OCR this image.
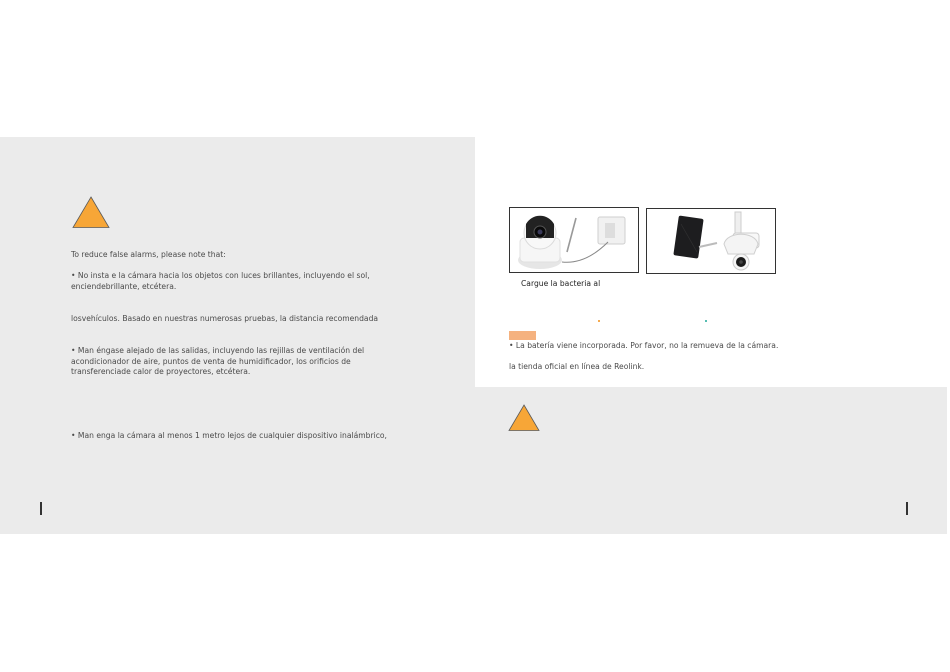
To reduce false alarms, please note that:
• No insta e la cámara hacia los objetos con luces brillantes, incluyendo el sol,
enciendebrillante, etcétera.
losvehículos. Basado en nuestras numerosas pruebas, la distancia recomendada
• Man éngase alejado de las salidas, incluyendo las rejillas de ventilación del
acondicionador de aire, puntos de venta de humidificador, los orificios de
transferenciade calor de proyectores, etcétera.
• Man enga la cámara al menos 1 metro lejos de cualquier dispositivo inalámbrico,
Cargue la bacteria al
• La batería viene incorporada. Por favor, no la remueva de la cámara.
la tienda oficial en línea de Reolink.
